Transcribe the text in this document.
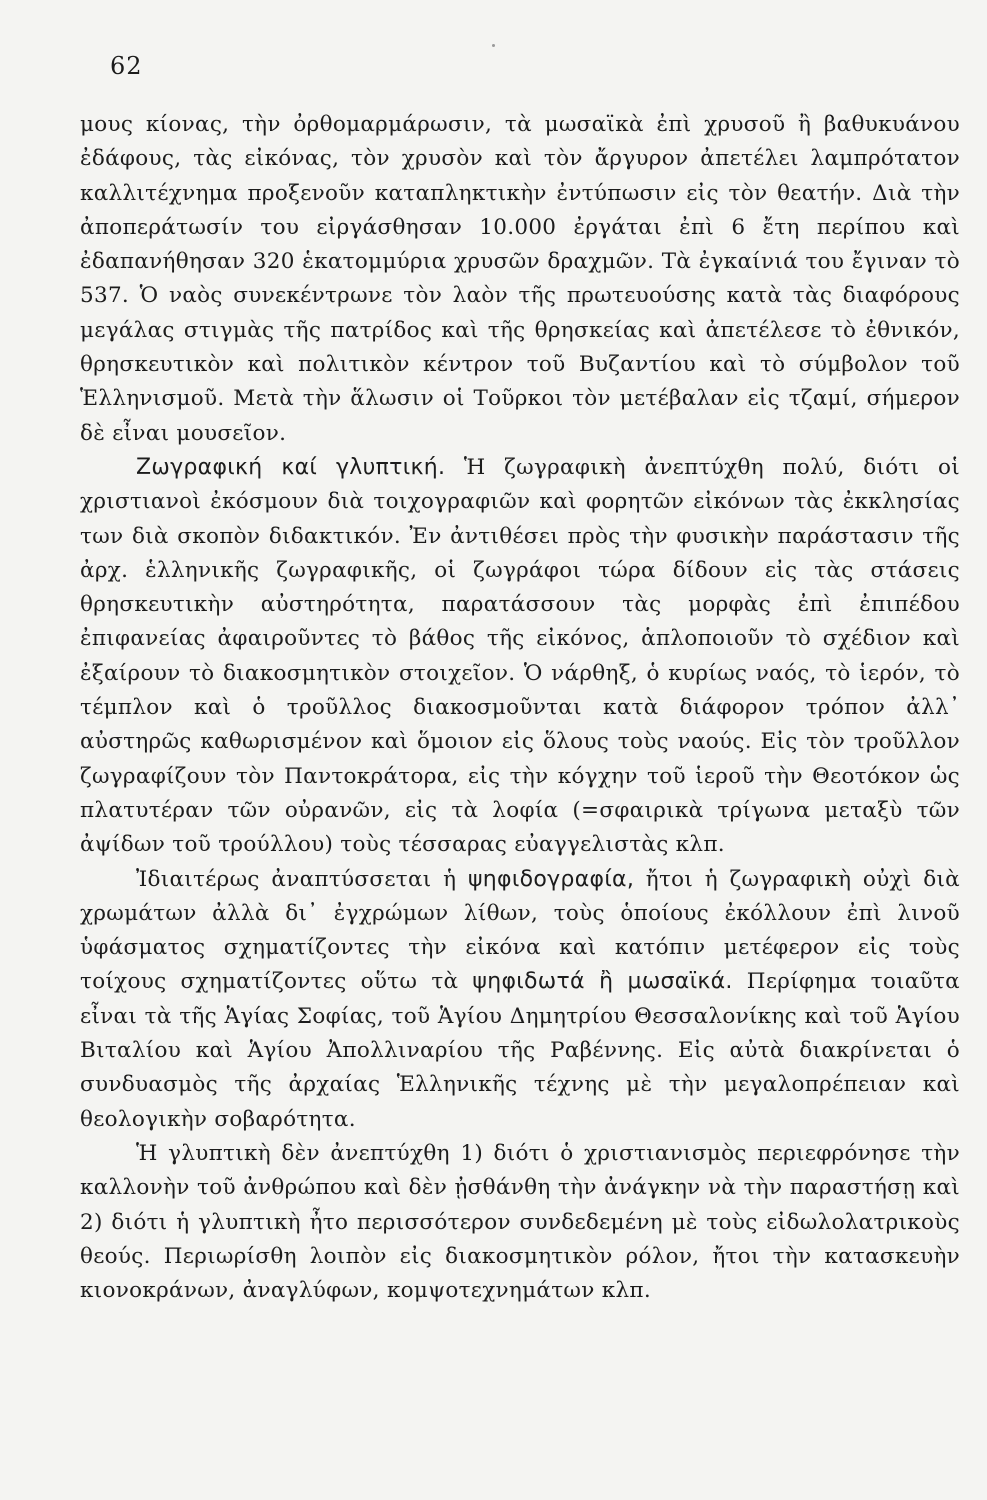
62

μους κίονας, τὴν ὀρθομαρμάρωσιν, τὰ μωσαϊκὰ ἐπὶ χρυσοῦ ἢ βαθυκυάνου ἐδάφους, τὰς εἰκόνας, τὸν χρυσὸν καὶ τὸν ἄργυρον ἀπετέλει λαμπρότατον καλλιτέχνημα προξενοῦν καταπληκτικὴν ἐντύπωσιν εἰς τὸν θεατήν. Διὰ τὴν ἀποπεράτωσίν του εἰργάσθησαν 10.000 ἐργάται ἐπὶ 6 ἔτη περίπου καὶ ἐδαπανήθησαν 320 ἑκατομμύρια χρυσῶν δραχμῶν. Τὰ ἐγκαίνιά του ἔγιναν τὸ 537. Ὁ ναὸς συνεκέντρωνε τὸν λαὸν τῆς πρωτευούσης κατὰ τὰς διαφόρους μεγάλας στιγμὰς τῆς πατρίδος καὶ τῆς θρησκείας καὶ ἀπετέλεσε τὸ ἐθνικόν, θρησκευτικὸν καὶ πολιτικὸν κέντρον τοῦ Βυζαντίου καὶ τὸ σύμβολον τοῦ Ἑλληνισμοῦ. Μετὰ τὴν ἅλωσιν οἱ Τοῦρκοι τὸν μετέβαλαν εἰς τζαμί, σήμερον δὲ εἶναι μουσεῖον.

Ζωγραφική καί γλυπτική. Ἡ ζωγραφικὴ ἀνεπτύχθη πολύ, διότι οἱ χριστιανοὶ ἐκόσμουν διὰ τοιχογραφιῶν καὶ φορητῶν εἰκόνων τὰς ἐκκλησίας των διὰ σκοπὸν διδακτικόν. Ἐν ἀντιθέσει πρὸς τὴν φυσικὴν παράστασιν τῆς ἀρχ. ἑλληνικῆς ζωγραφικῆς, οἱ ζωγράφοι τώρα δίδουν εἰς τὰς στάσεις θρησκευτικὴν αὐστηρότητα, παρατάσσουν τὰς μορφὰς ἐπὶ ἐπιπέδου ἐπιφανείας ἀφαιροῦντες τὸ βάθος τῆς εἰκόνος, ἁπλοποιοῦν τὸ σχέδιον καὶ ἐξαίρουν τὸ διακοσμητικὸν στοιχεῖον. Ὁ νάρθηξ, ὁ κυρίως ναός, τὸ ἱερόν, τὸ τέμπλον καὶ ὁ τροῦλλος διακοσμοῦνται κατὰ διάφορον τρόπον ἀλλ᾿ αὐστηρῶς καθωρισμένον καὶ ὅμοιον εἰς ὅλους τοὺς ναούς. Εἰς τὸν τροῦλλον ζωγραφίζουν τὸν Παντοκράτορα, εἰς τὴν κόγχην τοῦ ἱεροῦ τὴν Θεοτόκον ὡς πλατυτέραν τῶν οὐρανῶν, εἰς τὰ λοφία (=σφαιρικὰ τρίγωνα μεταξὺ τῶν ἀψίδων τοῦ τρούλλου) τοὺς τέσσαρας εὐαγγελιστὰς κλπ.

Ἰδιαιτέρως ἀναπτύσσεται ἡ ψηφιδογραφία, ἤτοι ἡ ζωγραφικὴ οὐχὶ διὰ χρωμάτων ἀλλὰ δι᾿ ἐγχρώμων λίθων, τοὺς ὁποίους ἐκόλλουν ἐπὶ λινοῦ ὑφάσματος σχηματίζοντες τὴν εἰκόνα καὶ κατόπιν μετέφερον εἰς τοὺς τοίχους σχηματίζοντες οὕτω τὰ ψηφιδωτά ἢ μωσαϊκά. Περίφημα τοιαῦτα εἶναι τὰ τῆς Ἁγίας Σοφίας, τοῦ Ἁγίου Δημητρίου Θεσσαλονίκης καὶ τοῦ Ἁγίου Βιταλίου καὶ Ἁγίου Ἀπολλιναρίου τῆς Ραβέννης. Εἰς αὐτὰ διακρίνεται ὁ συνδυασμὸς τῆς ἀρχαίας Ἑλληνικῆς τέχνης μὲ τὴν μεγαλοπρέπειαν καὶ θεολογικὴν σοβαρότητα.

Ἡ γλυπτικὴ δὲν ἀνεπτύχθη 1) διότι ὁ χριστιανισμὸς περιεφρόνησε τὴν καλλονὴν τοῦ ἀνθρώπου καὶ δὲν ᾐσθάνθη τὴν ἀνάγκην νὰ τὴν παραστήσῃ καὶ 2) διότι ἡ γλυπτικὴ ἦτο περισσότερον συνδεδεμένη μὲ τοὺς εἰδωλολατρικοὺς θεούς. Περιωρίσθη λοιπὸν εἰς διακοσμητικὸν ρόλον, ἤτοι τὴν κατασκευὴν κιονοκράνων, ἀναγλύφων, κομψοτεχνημάτων κλπ.
